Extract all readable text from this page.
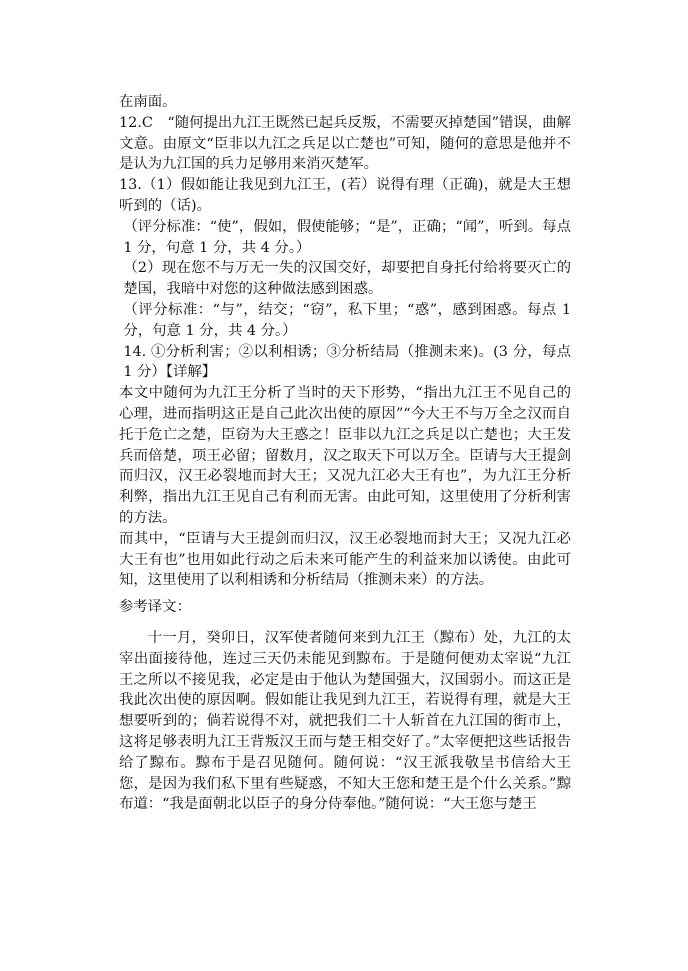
在南面。

12.C　“随何提出九江王既然已起兵反叛，不需要灭掉楚国”错误，曲解文意。由原文“臣非以九江之兵足以亡楚也”可知，随何的意思是他并不是认为九江国的兵力足够用来消灭楚军。

13.（1）假如能让我见到九江王，(若）说得有理（正确)，就是大王想听到的（话)。

（评分标准：“使”，假如，假使能够；“是”，正确；“闻”，听到。每点 1 分，句意 1 分，共 4 分。）

（2）现在您不与万无一失的汉国交好，却要把自身托付给将要灭亡的楚国，我暗中对您的这种做法感到困惑。

（评分标准：“与”，结交；“窃”，私下里；“惑”，感到困惑。每点 1 分，句意 1 分，共 4 分。）

14. ①分析利害；②以利相诱；③分析结局（推测未来)。(3 分，每点 1 分）【详解】

本文中随何为九江王分析了当时的天下形势，“指出九江王不见自己的心理，进而指明这正是自己此次出使的原因”“今大王不与万全之汉而自托于危亡之楚，臣窃为大王惑之！臣非以九江之兵足以亡楚也；大王发兵而倍楚，项王必留；留数月，汉之取天下可以万全。臣请与大王提剑而归汉，汉王必裂地而封大王；又况九江必大王有也”，为九江王分析利弊，指出九江王见自己有利而无害。由此可知，这里使用了分析利害的方法。

而其中，“臣请与大王提剑而归汉，汉王必裂地而封大王；又况九江必大王有也”也用如此行动之后未来可能产生的利益来加以诱使。由此可知，这里使用了以利相诱和分析结局（推测未来）的方法。

参考译文：

十一月，癸卯日，汉军使者随何来到九江王（黥布）处，九江的太宰出面接待他，连过三天仍未能见到黥布。于是随何便劝太宰说“九江王之所以不接见我，必定是由于他认为楚国强大，汉国弱小。而这正是我此次出使的原因啊。假如能让我见到九江王，若说得有理，就是大王想要听到的；倘若说得不对，就把我们二十人斩首在九江国的街市上，这将足够表明九江王背叛汉王而与楚王相交好了。”太宰便把这些话报告给了黥布。黥布于是召见随何。随何说：“汉王派我敬呈书信给大王您，是因为我们私下里有些疑惑，不知大王您和楚王是个什么关系。”黥布道：“我是面朝北以臣子的身分侍奉他。”随何说：“大王您与楚王
